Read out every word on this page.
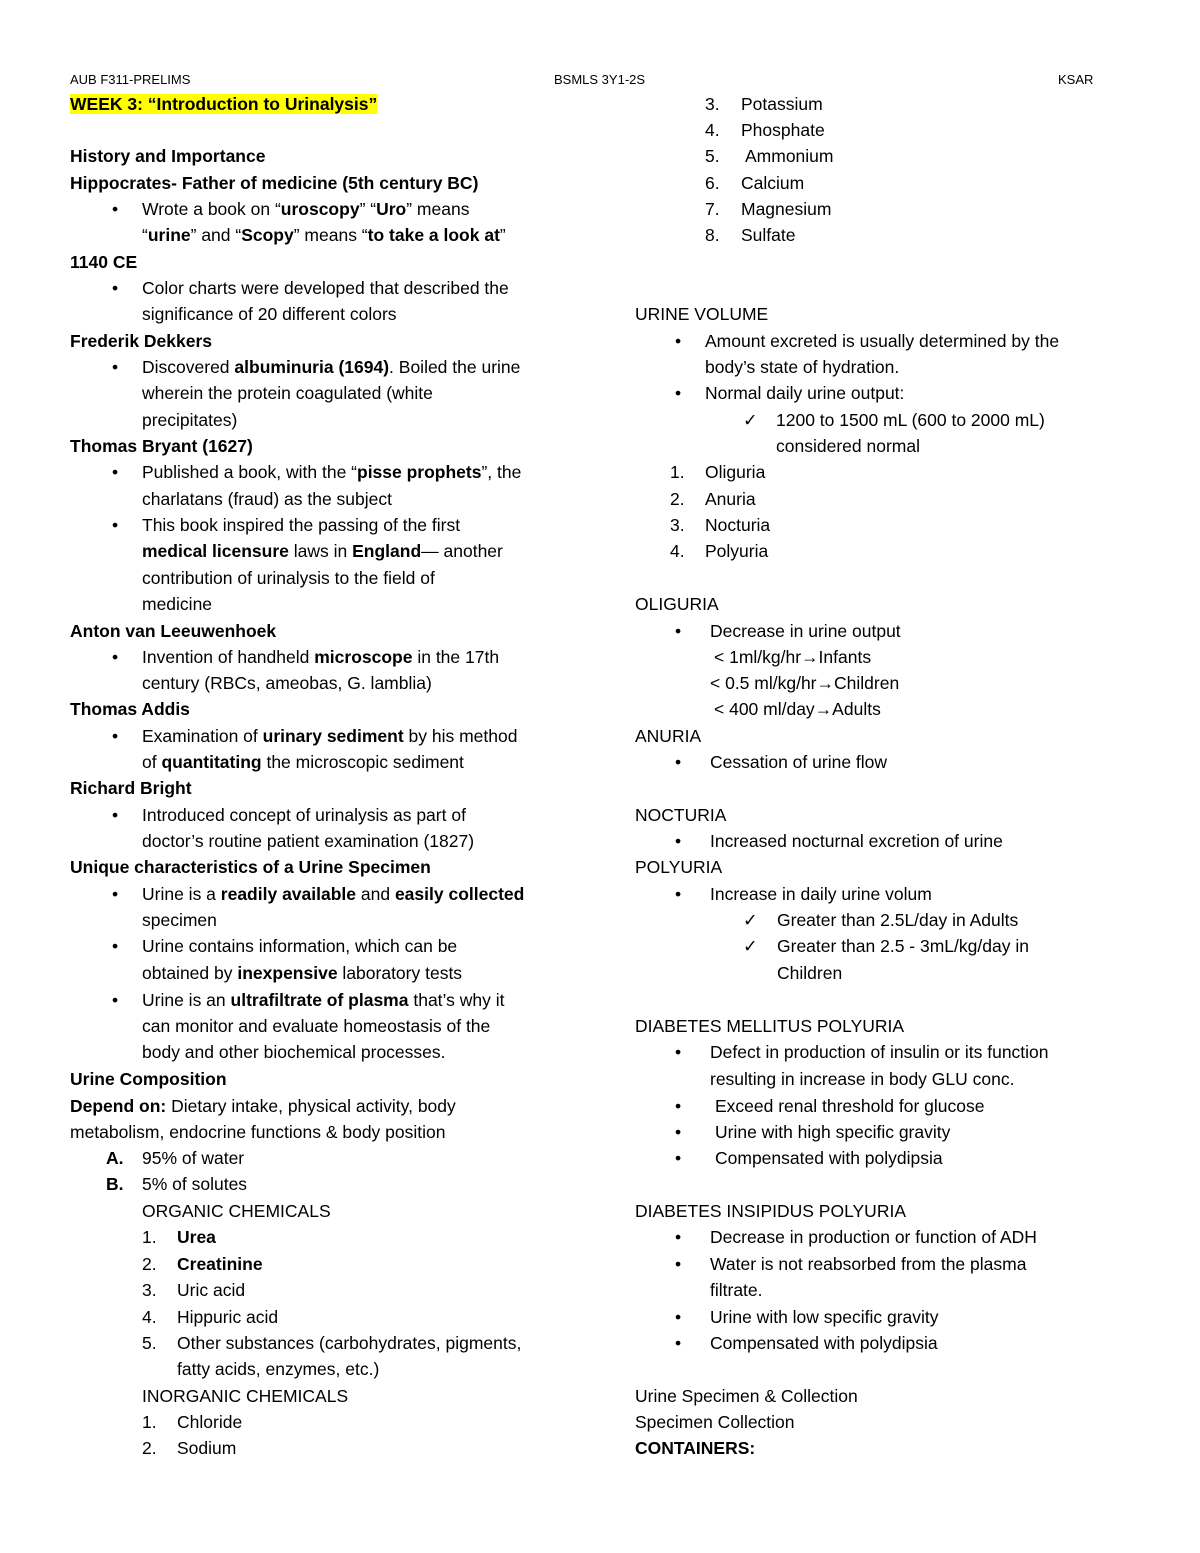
AUB F311-PRELIMS	BSMLS 3Y1-2S	KSAR
WEEK 3: “Introduction to Urinalysis”
History and Importance
Hippocrates- Father of medicine (5th century BC)
• Wrote a book on “uroscopy” “Uro” means
“urine” and “Scopy” means “to take a look at”
1140 CE
• Color charts were developed that described the
significance of 20 different colors
Frederik Dekkers
• Discovered albuminuria (1694). Boiled the urine
wherein the protein coagulated (white
precipitates)
Thomas Bryant (1627)
• Published a book, with the “pisse prophets”, the
charlatans (fraud) as the subject
• This book inspired the passing of the first
medical licensure laws in England— another
contribution of urinalysis to the field of
medicine
Anton van Leeuwenhoek
• Invention of handheld microscope in the 17th
century (RBCs, ameobas, G. lamblia)
Thomas Addis
• Examination of urinary sediment by his method
of quantitating the microscopic sediment
Richard Bright
• Introduced concept of urinalysis as part of
doctor’s routine patient examination (1827)
Unique characteristics of a Urine Specimen
• Urine is a readily available and easily collected
specimen
• Urine contains information, which can be
obtained by inexpensive laboratory tests
• Urine is an ultrafiltrate of plasma that’s why it
can monitor and evaluate homeostasis of the
body and other biochemical processes.
Urine Composition
Depend on: Dietary intake, physical activity, body
metabolism, endocrine functions & body position
A. 95% of water
B. 5% of solutes
ORGANIC CHEMICALS
1. Urea
2. Creatinine
3. Uric acid
4. Hippuric acid
5. Other substances (carbohydrates, pigments,
fatty acids, enzymes, etc.)
INORGANIC CHEMICALS
1. Chloride
2. Sodium
3. Potassium
4. Phosphate
5. Ammonium
6. Calcium
7. Magnesium
8. Sulfate
URINE VOLUME
• Amount excreted is usually determined by the
body’s state of hydration.
• Normal daily urine output:
✓ 1200 to 1500 mL (600 to 2000 mL)
considered normal
1. Oliguria
2. Anuria
3. Nocturia
4. Polyuria
OLIGURIA
• Decrease in urine output
< 1ml/kg/hr→Infants
< 0.5 ml/kg/hr→Children
< 400 ml/day→Adults
ANURIA
• Cessation of urine flow
NOCTURIA
• Increased nocturnal excretion of urine
POLYURIA
• Increase in daily urine volum
✓ Greater than 2.5L/day in Adults
✓ Greater than 2.5 - 3mL/kg/day in
Children
DIABETES MELLITUS POLYURIA
• Defect in production of insulin or its function
resulting in increase in body GLU conc.
• Exceed renal threshold for glucose
• Urine with high specific gravity
• Compensated with polydipsia
DIABETES INSIPIDUS POLYURIA
• Decrease in production or function of ADH
• Water is not reabsorbed from the plasma
filtrate.
• Urine with low specific gravity
• Compensated with polydipsia
Urine Specimen & Collection
Specimen Collection
CONTAINERS:
